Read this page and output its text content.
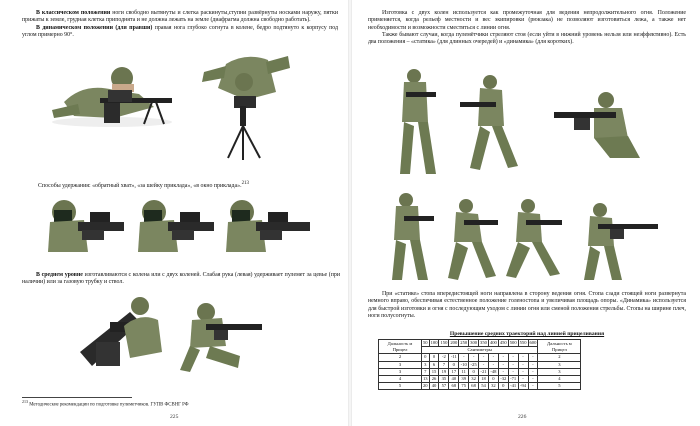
В классическом положении ноги свободно вытянуты и слегка раскинуты,ступни развёрнуты носками наружу, пятки прижаты к земле, грудная клетка приподнята и не должна лежать на земле (диафрагма должна свободно работать).

В динамическом положении (для правши) правая нога глубоко согнута в колене, бедро подтянуто к корпусу под углом примерно 90°.

Способы удержания: «обратный хват», «за шейку приклада», «в окно приклада».$^{213}$

В среднем уровне изготавливаются с колена или с двух коленей. Слабая рука (левая) удерживает пулемет за цевье (при наличии) или за газовую трубку и ствол.

$^{213}$ Методические рекомендации по подготовке пулеметчиков. ГУПВ ФСВНГ РФ
225

Изготовка с двух колен используется как промежуточная для ведения непродолжительного огня. Положение применяется, когда рельеф местности и вес экипировки (рюкзака) не позволяют изготовиться лежа, а также нет необходимости и возможности сместиться с линии огня.

Также бывают случаи, когда пулемётчики стреляют стоя (если уйти в нижний уровень нельзя или неэффективно). Есть два положения – «статика» (для длинных очередей) и «динамика» (для коротких).

При «статике» стопа впередистоящей ноги направлена в сторону ведения огня. Стопа сзади стоящей ноги развернута немного вправо, обеспечивая естественное положение голеностопа и увеличивая площадь опоры. «Динамика» используется для быстрой изготовки и огня с последующим уходом с линии огня или сменой положения стрельбы. Стопы на ширине плеч, ноги полусогнуты.

Превышение средних траекторий над линией прицеливания
Дальность м Прицел	50	100	150	200	250	300	350	400	450	500	550	600	Дальность м Прицел
	Сантиметры												
2	0	0	-2	-11	-	-	-	-	-	-	-	-	2
3	3	6	7	0	-10	-25	-	-	-	-	-	-	3
3	7	15	19	17	11	0	-21	-48	-	-	-	-	3
4	13	26	35	40	39	32	18	0	-32	-71	-	-	4
5	20	40	57	68	75	68	54	32	0	-41	-94	-	5
226
